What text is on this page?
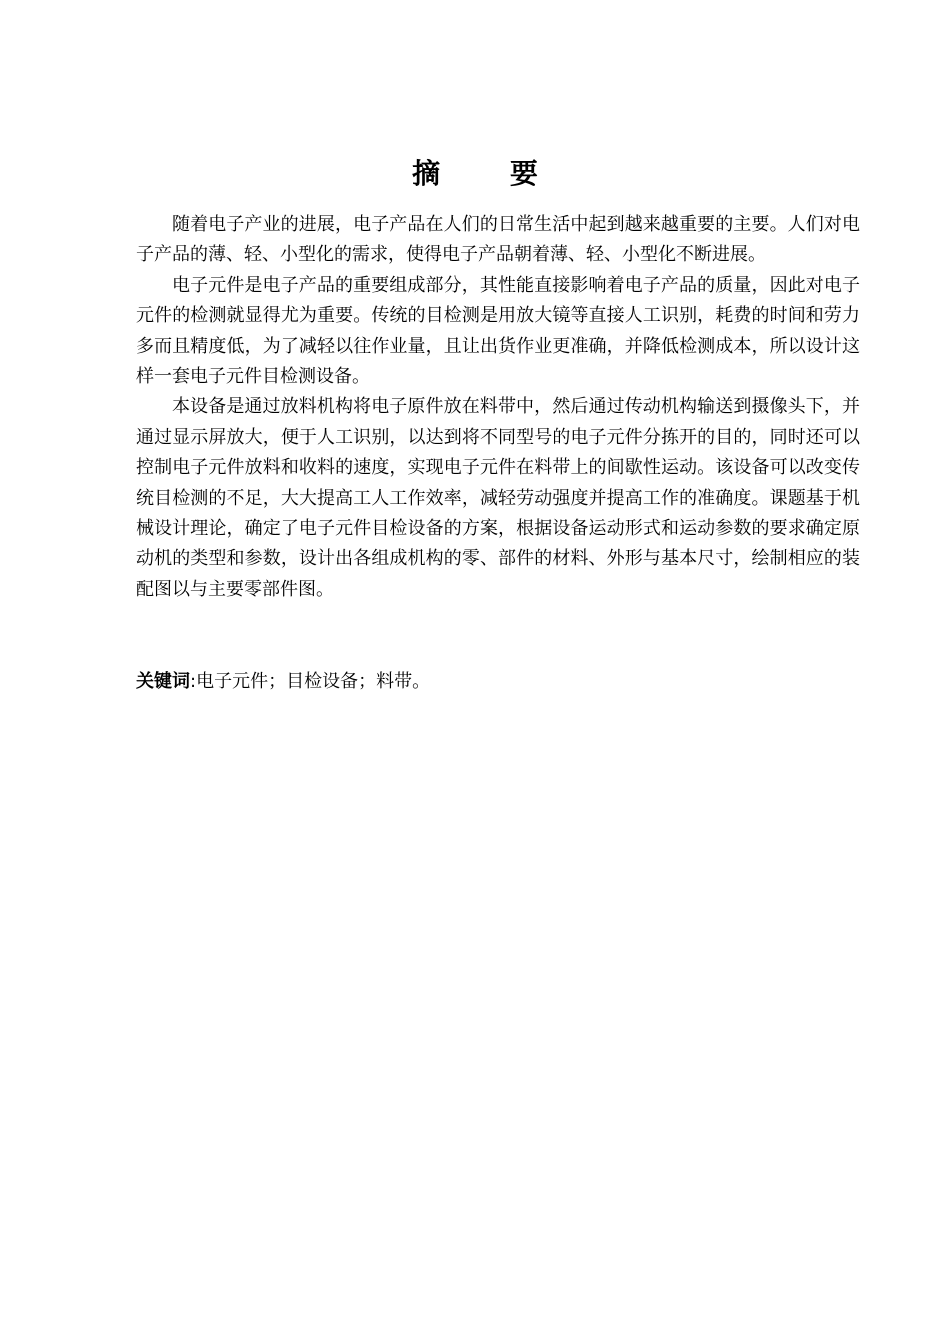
摘 要

随着电子产业的进展，电子产品在人们的日常生活中起到越来越重要的主要。人们对电子产品的薄、轻、小型化的需求，使得电子产品朝着薄、轻、小型化不断进展。

电子元件是电子产品的重要组成部分，其性能直接影响着电子产品的质量，因此对电子元件的检测就显得尤为重要。传统的目检测是用放大镜等直接人工识别，耗费的时间和劳力多而且精度低，为了减轻以往作业量，且让出货作业更准确，并降低检测成本，所以设计这样一套电子元件目检测设备。

本设备是通过放料机构将电子原件放在料带中，然后通过传动机构输送到摄像头下，并通过显示屏放大，便于人工识别，以达到将不同型号的电子元件分拣开的目的，同时还可以控制电子元件放料和收料的速度，实现电子元件在料带上的间歇性运动。该设备可以改变传统目检测的不足，大大提高工人工作效率，减轻劳动强度并提高工作的准确度。课题基于机械设计理论，确定了电子元件目检设备的方案，根据设备运动形式和运动参数的要求确定原动机的类型和参数，设计出各组成机构的零、部件的材料、外形与基本尺寸，绘制相应的装配图以与主要零部件图。

关键词:电子元件；目检设备；料带。
